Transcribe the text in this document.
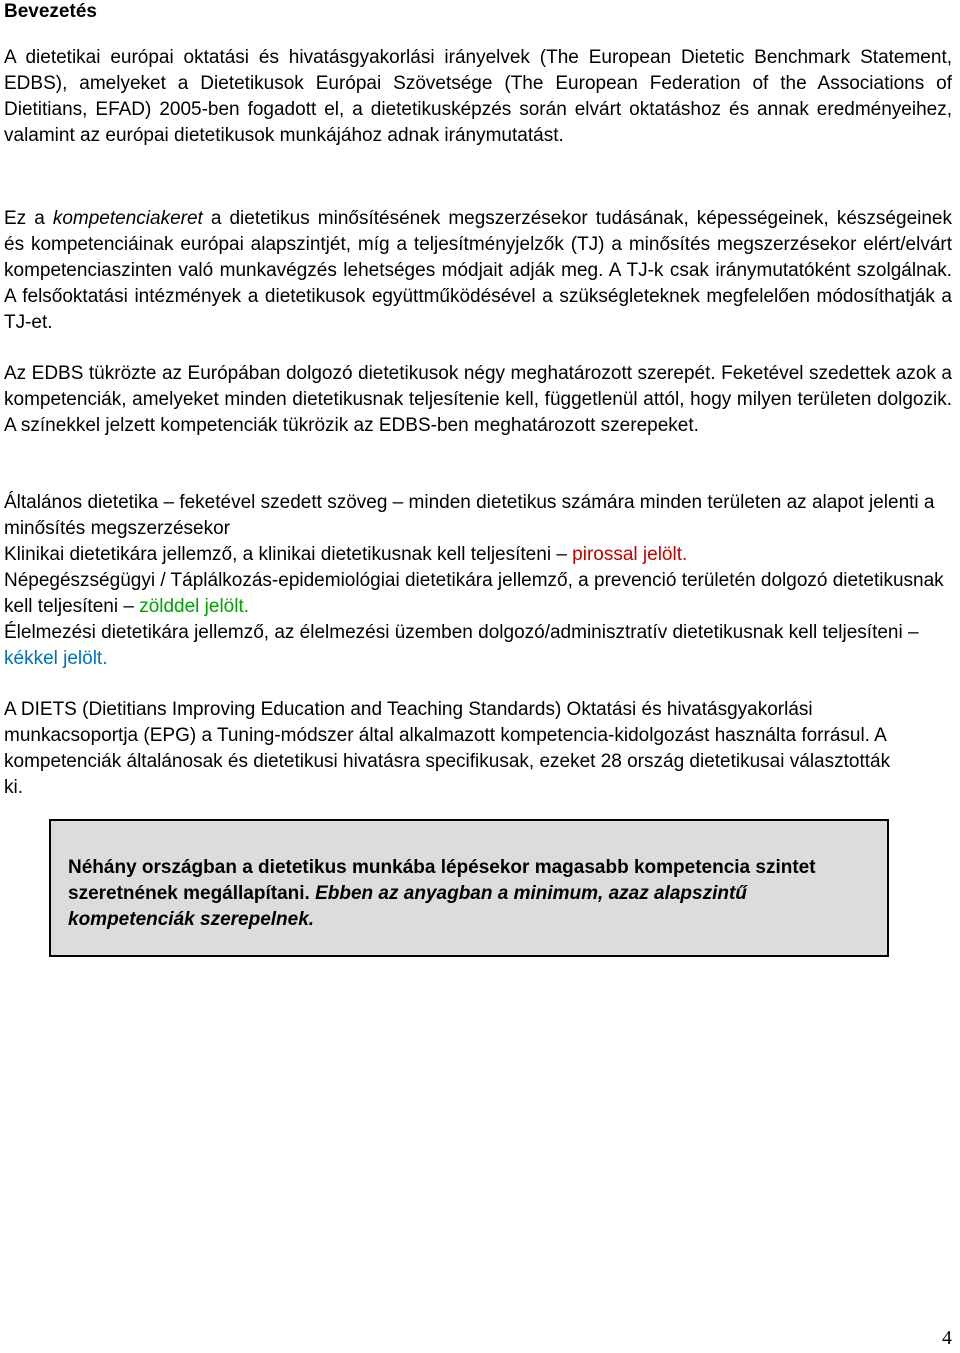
Bevezetés

A dietetikai európai oktatási és hivatásgyakorlási irányelvek (The European Dietetic Benchmark Statement, EDBS), amelyeket a Dietetikusok Európai Szövetsége (The European Federation of the Associations of Dietitians, EFAD) 2005-ben fogadott el, a dietetikusképzés során elvárt oktatáshoz és annak eredményeihez, valamint az európai dietetikusok munkájához adnak iránymutatást.

Ez a kompetenciakeret a dietetikus minősítésének megszerzésekor tudásának, képességeinek, készségeinek és kompetenciáinak európai alapszintjét, míg a teljesítményjelzők (TJ) a minősítés megszerzésekor elért/elvárt kompetenciaszinten való munkavégzés lehetséges módjait adják meg. A TJ-k csak iránymutatóként szolgálnak. A felsőoktatási intézmények a dietetikusok együttműködésével a szükségleteknek megfelelően módosíthatják a TJ-et.

Az EDBS tükrözte az Európában dolgozó dietetikusok négy meghatározott szerepét. Feketével szedettek azok a kompetenciák, amelyeket minden dietetikusnak teljesítenie kell, függetlenül attól, hogy milyen területen dolgozik. A színekkel jelzett kompetenciák tükrözik az EDBS-ben meghatározott szerepeket.

Általános dietetika – feketével szedett szöveg – minden dietetikus számára minden területen az alapot jelenti a minősítés megszerzésekor

Klinikai dietetikára jellemző, a klinikai dietetikusnak kell teljesíteni – pirossal jelölt.

Népegészségügyi / Táplálkozás-epidemiológiai dietetikára jellemző, a prevenció területén dolgozó dietetikusnak kell teljesíteni – zölddel jelölt.

Élelmezési dietetikára jellemző, az élelmezési üzemben dolgozó/adminisztratív dietetikusnak kell teljesíteni – kékkel jelölt.

A DIETS (Dietitians Improving Education and Teaching Standards) Oktatási és hivatásgyakorlási munkacsoportja (EPG) a Tuning-módszer által alkalmazott kompetencia-kidolgozást használta forrásul. A kompetenciák általánosak és dietetikusi hivatásra specifikusak, ezeket 28 ország dietetikusai választották ki.

Néhány országban a dietetikus munkába lépésekor magasabb kompetencia szintet szeretnének megállapítani. Ebben az anyagban a minimum, azaz alapszintű kompetenciák szerepelnek.

4
